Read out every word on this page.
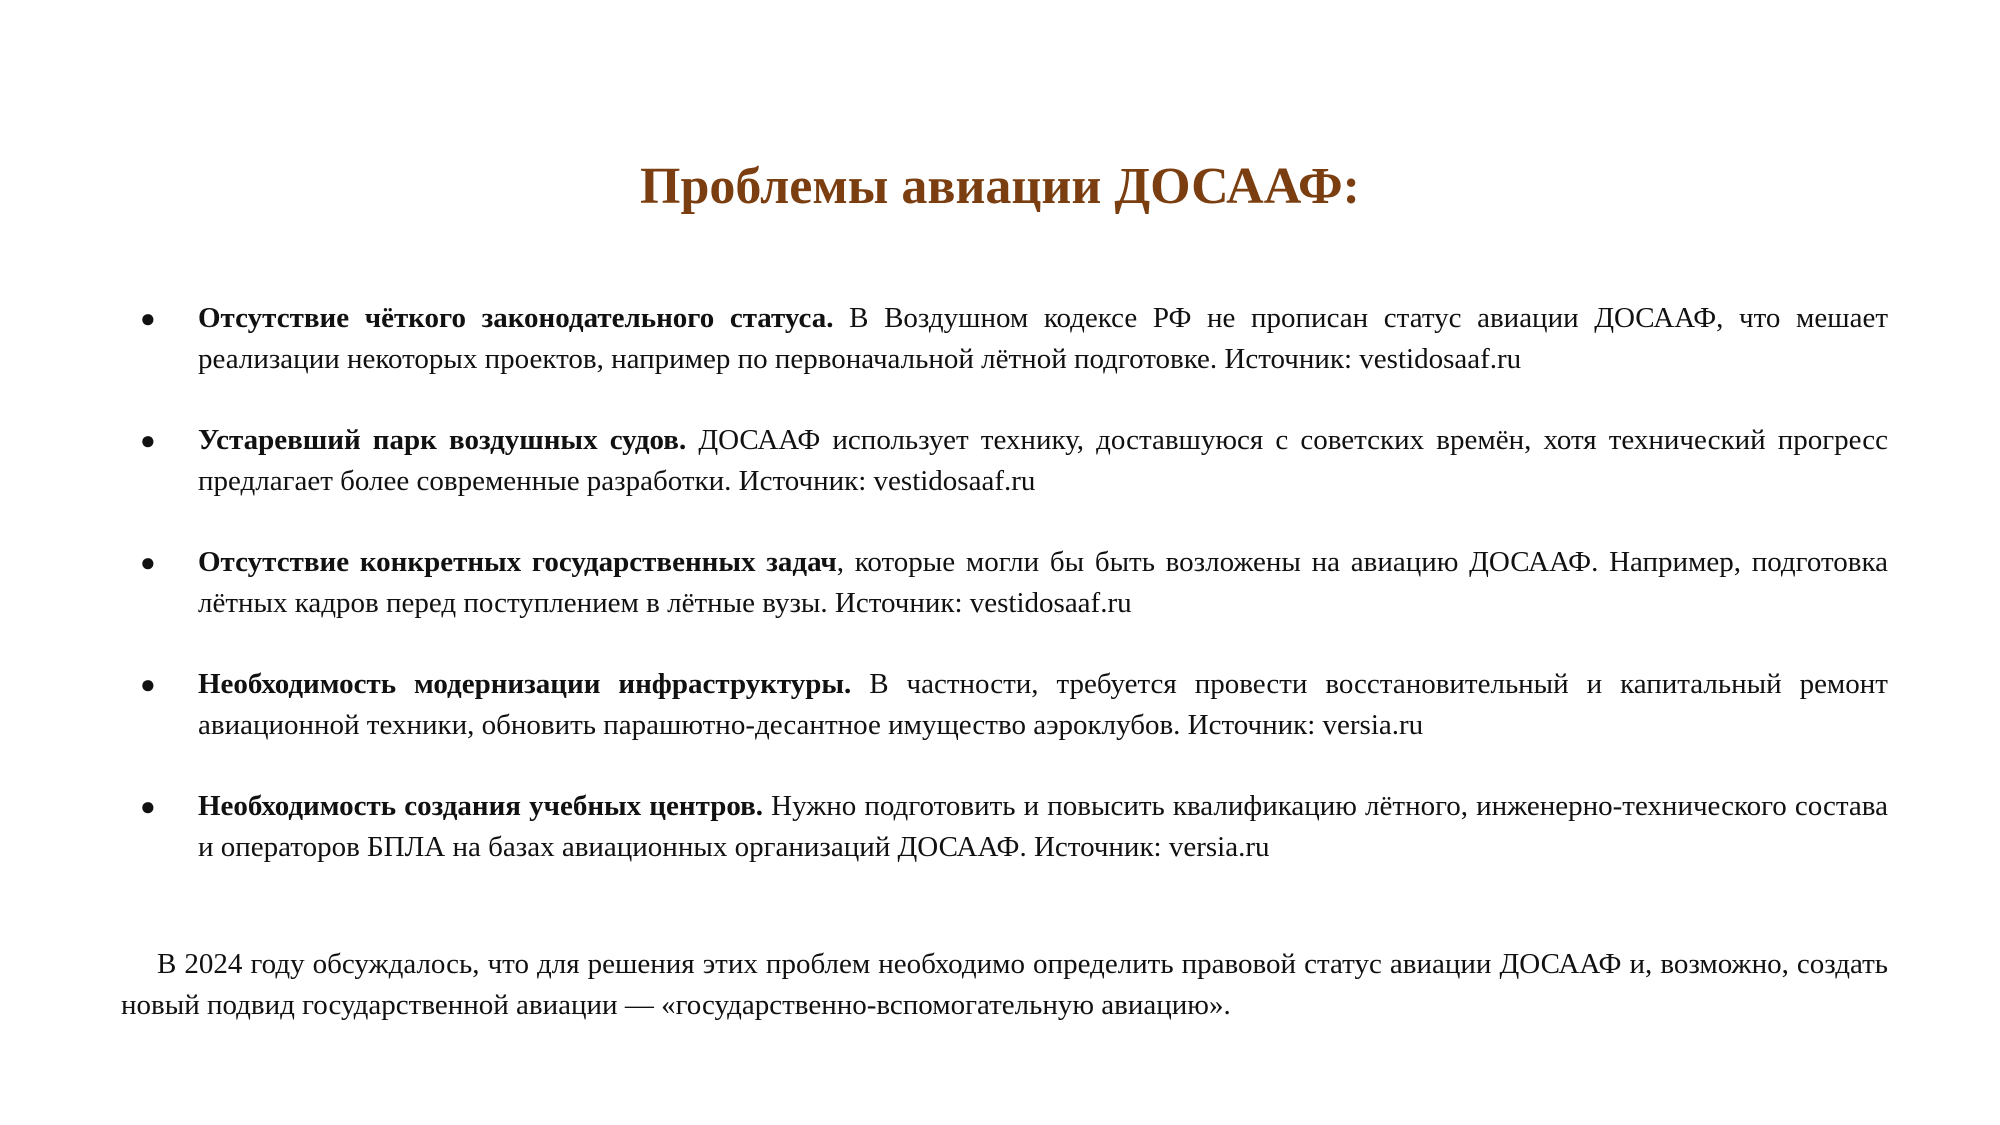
Проблемы авиации ДОСААФ:
● Отсутствие чёткого законодательного статуса. В Воздушном кодексе РФ не прописан статус авиации ДОСААФ, что мешает реализации некоторых проектов, например по первоначальной лётной подготовке. Источник: vestidosaaf.ru
● Устаревший парк воздушных судов. ДОСААФ использует технику, доставшуюся с советских времён, хотя технический прогресс предлагает более современные разработки. Источник: vestidosaaf.ru
● Отсутствие конкретных государственных задач, которые могли бы быть возложены на авиацию ДОСААФ. Например, подготовка лётных кадров перед поступлением в лётные вузы. Источник: vestidosaaf.ru
● Необходимость модернизации инфраструктуры. В частности, требуется провести восстановительный и капитальный ремонт авиационной техники, обновить парашютно-десантное имущество аэроклубов. Источник: versia.ru
● Необходимость создания учебных центров. Нужно подготовить и повысить квалификацию лётного, инженерно-технического состава и операторов БПЛА на базах авиационных организаций ДОСААФ. Источник: versia.ru

В 2024 году обсуждалось, что для решения этих проблем необходимо определить правовой статус авиации ДОСААФ и, возможно, создать новый подвид государственной авиации — «государственно-вспомогательную авиацию».
